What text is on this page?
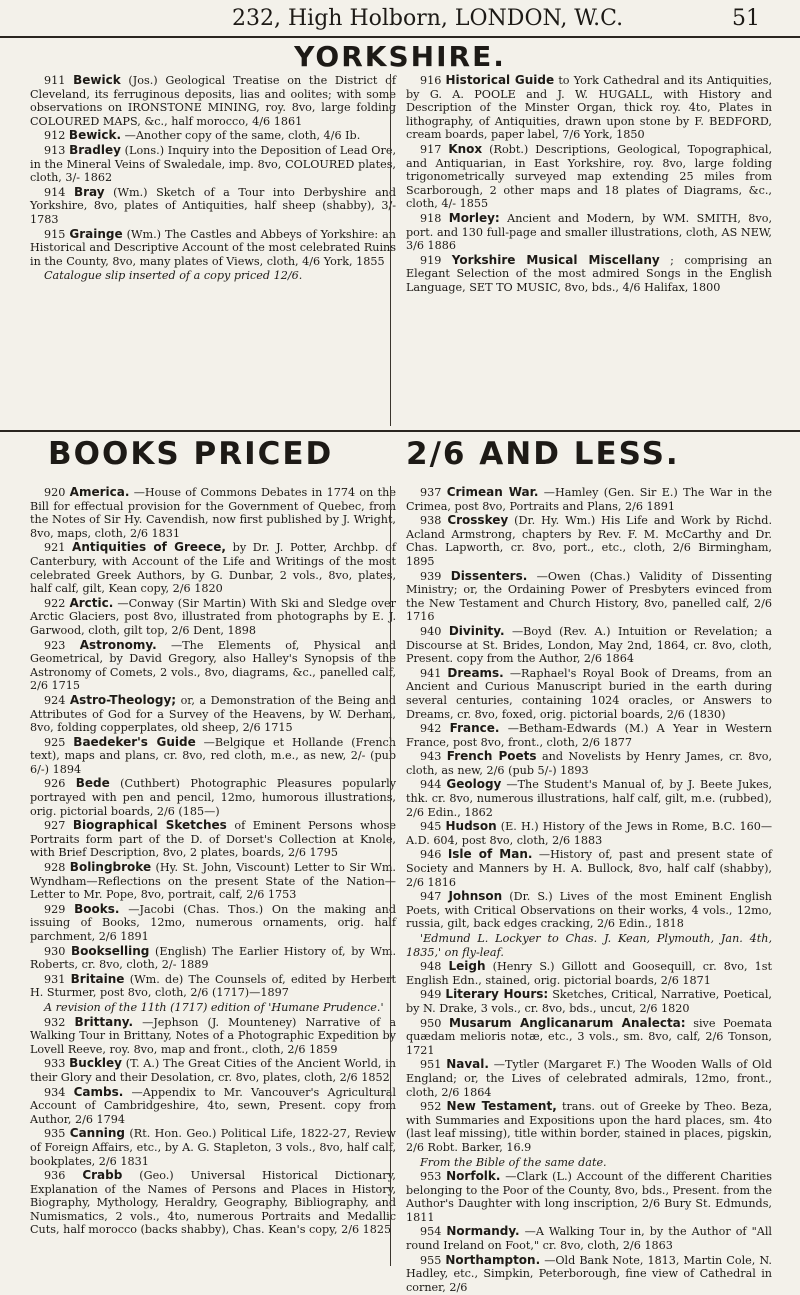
232, High Holborn, LONDON, W.C.	51
YORKSHIRE.

911 Bewick (Jos.) Geological Treatise on the District of Cleveland, its ferruginous deposits, lias and oolites; with some observations on IRONSTONE MINING, roy. 8vo, large folding COLOURED MAPS, &c., half morocco, 4/6 1861

912 Bewick. —Another copy of the same, cloth, 4/6 Ib.

913 Bradley (Lons.) Inquiry into the Deposition of Lead Ore, in the Mineral Veins of Swaledale, imp. 8vo, COLOURED plates, cloth, 3/- 1862

914 Bray (Wm.) Sketch of a Tour into Derbyshire and Yorkshire, 8vo, plates of Antiquities, half sheep (shabby), 3/- 1783

915 Grainge (Wm.) The Castles and Abbeys of Yorkshire: an Historical and Descriptive Account of the most celebrated Ruins in the County, 8vo, many plates of Views, cloth, 4/6 York, 1855

Catalogue slip inserted of a copy priced 12/6.

916 Historical Guide to York Cathedral and its Antiquities, by G. A. POOLE and J. W. HUGALL, with History and Description of the Minster Organ, thick roy. 4to, Plates in lithography, of Antiquities, drawn upon stone by F. BEDFORD, cream boards, paper label, 7/6 York, 1850

917 Knox (Robt.) Descriptions, Geological, Topographical, and Antiquarian, in East Yorkshire, roy. 8vo, large folding trigonometrically surveyed map extending 25 miles from Scarborough, 2 other maps and 18 plates of Diagrams, &c., cloth, 4/- 1855

918 Morley: Ancient and Modern, by WM. SMITH, 8vo, port. and 130 full-page and smaller illustrations, cloth, AS NEW, 3/6 1886

919 Yorkshire Musical Miscellany ; comprising an Elegant Selection of the most admired Songs in the English Language, SET TO MUSIC, 8vo, bds., 4/6 Halifax, 1800

BOOKS PRICED 2/6 AND LESS.

920 America. —House of Commons Debates in 1774 on the Bill for effectual provision for the Government of Quebec, from the Notes of Sir Hy. Cavendish, now first published by J. Wright, 8vo, maps, cloth, 2/6 1831

921 Antiquities of Greece, by Dr. J. Potter, Archbp. of Canterbury, with Account of the Life and Writings of the most celebrated Greek Authors, by G. Dunbar, 2 vols., 8vo, plates, half calf, gilt, Kean copy, 2/6 1820

922 Arctic. —Conway (Sir Martin) With Ski and Sledge over Arctic Glaciers, post 8vo, illustrated from photographs by E. J. Garwood, cloth, gilt top, 2/6 Dent, 1898

923 Astronomy. —The Elements of, Physical and Geometrical, by David Gregory, also Halley's Synopsis of the Astronomy of Comets, 2 vols., 8vo, diagrams, &c., panelled calf, 2/6 1715

924 Astro-Theology; or, a Demonstration of the Being and Attributes of God for a Survey of the Heavens, by W. Derham, 8vo, folding copperplates, old sheep, 2/6 1715

925 Baedeker's Guide —Belgique et Hollande (French text), maps and plans, cr. 8vo, red cloth, m.e., as new, 2/- (pub 6/-) 1894

926 Bede (Cuthbert) Photographic Pleasures popularly portrayed with pen and pencil, 12mo, humorous illustrations, orig. pictorial boards, 2/6 (185—)

927 Biographical Sketches of Eminent Persons whose Portraits form part of the D. of Dorset's Collection at Knole, with Brief Description, 8vo, 2 plates, boards, 2/6 1795

928 Bolingbroke (Hy. St. John, Viscount) Letter to Sir Wm. Wyndham—Reflections on the present State of the Nation—Letter to Mr. Pope, 8vo, portrait, calf, 2/6 1753

929 Books. —Jacobi (Chas. Thos.) On the making and issuing of Books, 12mo, numerous ornaments, orig. half parchment, 2/6 1891

930 Bookselling (English) The Earlier History of, by Wm. Roberts, cr. 8vo, cloth, 2/- 1889

931 Britaine (Wm. de) The Counsels of, edited by Herbert H. Sturmer, post 8vo, cloth, 2/6 (1717)—1897

A revision of the 11th (1717) edition of 'Humane Prudence.'

932 Brittany. —Jephson (J. Mounteney) Narrative of a Walking Tour in Brittany, Notes of a Photographic Expedition by Lovell Reeve, roy. 8vo, map and front., cloth, 2/6 1859

933 Buckley (T. A.) The Great Cities of the Ancient World, in their Glory and their Desolation, cr. 8vo, plates, cloth, 2/6 1852

934 Cambs. —Appendix to Mr. Vancouver's Agricultural Account of Cambridgeshire, 4to, sewn, Present. copy from Author, 2/6 1794

935 Canning (Rt. Hon. Geo.) Political Life, 1822-27, Review of Foreign Affairs, etc., by A. G. Stapleton, 3 vols., 8vo, half calf, bookplates, 2/6 1831

936 Crabb (Geo.) Universal Historical Dictionary, Explanation of the Names of Persons and Places in History, Biography, Mythology, Heraldry, Geography, Bibliography, and Numismatics, 2 vols., 4to, numerous Portraits and Medallic Cuts, half morocco (backs shabby), Chas. Kean's copy, 2/6 1825

937 Crimean War. —Hamley (Gen. Sir E.) The War in the Crimea, post 8vo, Portraits and Plans, 2/6 1891

938 Crosskey (Dr. Hy. Wm.) His Life and Work by Richd. Acland Armstrong, chapters by Rev. F. M. McCarthy and Dr. Chas. Lapworth, cr. 8vo, port., etc., cloth, 2/6 Birmingham, 1895

939 Dissenters. —Owen (Chas.) Validity of Dissenting Ministry; or, the Ordaining Power of Presbyters evinced from the New Testament and Church History, 8vo, panelled calf, 2/6 1716

940 Divinity. —Boyd (Rev. A.) Intuition or Revelation; a Discourse at St. Brides, London, May 2nd, 1864, cr. 8vo, cloth, Present. copy from the Author, 2/6 1864

941 Dreams. —Raphael's Royal Book of Dreams, from an Ancient and Curious Manuscript buried in the earth during several centuries, containing 1024 oracles, or Answers to Dreams, cr. 8vo, foxed, orig. pictorial boards, 2/6 (1830)

942 France. —Betham-Edwards (M.) A Year in Western France, post 8vo, front., cloth, 2/6 1877

943 French Poets and Novelists by Henry James, cr. 8vo, cloth, as new, 2/6 (pub 5/-) 1893

944 Geology —The Student's Manual of, by J. Beete Jukes, thk. cr. 8vo, numerous illustrations, half calf, gilt, m.e. (rubbed), 2/6 Edin., 1862

945 Hudson (E. H.) History of the Jews in Rome, B.C. 160—A.D. 604, post 8vo, cloth, 2/6 1883

946 Isle of Man. —History of, past and present state of Society and Manners by H. A. Bullock, 8vo, half calf (shabby), 2/6 1816

947 Johnson (Dr. S.) Lives of the most Eminent English Poets, with Critical Observations on their works, 4 vols., 12mo, russia, gilt, back edges cracking, 2/6 Edin., 1818

'Edmund L. Lockyer to Chas. J. Kean, Plymouth, Jan. 4th, 1835,' on fly-leaf.

948 Leigh (Henry S.) Gillott and Goosequill, cr. 8vo, 1st English Edn., stained, orig. pictorial boards, 2/6 1871

949 Literary Hours: Sketches, Critical, Narrative, Poetical, by N. Drake, 3 vols., cr. 8vo, bds., uncut, 2/6 1820

950 Musarum Anglicanarum Analecta: sive Poemata quædam melioris notæ, etc., 3 vols., sm. 8vo, calf, 2/6 Tonson, 1721

951 Naval. —Tytler (Margaret F.) The Wooden Walls of Old England; or, the Lives of celebrated admirals, 12mo, front., cloth, 2/6 1864

952 New Testament, trans. out of Greeke by Theo. Beza, with Summaries and Expositions upon the hard places, sm. 4to (last leaf missing), title within border, stained in places, pigskin, 2/6 Robt. Barker, 16.9

From the Bible of the same date.

953 Norfolk. —Clark (L.) Account of the different Charities belonging to the Poor of the County, 8vo, bds., Present. from the Author's Daughter with long inscription, 2/6 Bury St. Edmunds, 1811

954 Normandy. —A Walking Tour in, by the Author of "All round Ireland on Foot," cr. 8vo, cloth, 2/6 1863

955 Northampton. —Old Bank Note, 1813, Martin Cole, N. Hadley, etc., Simpkin, Peterborough, fine view of Cathedral in corner, 2/6
